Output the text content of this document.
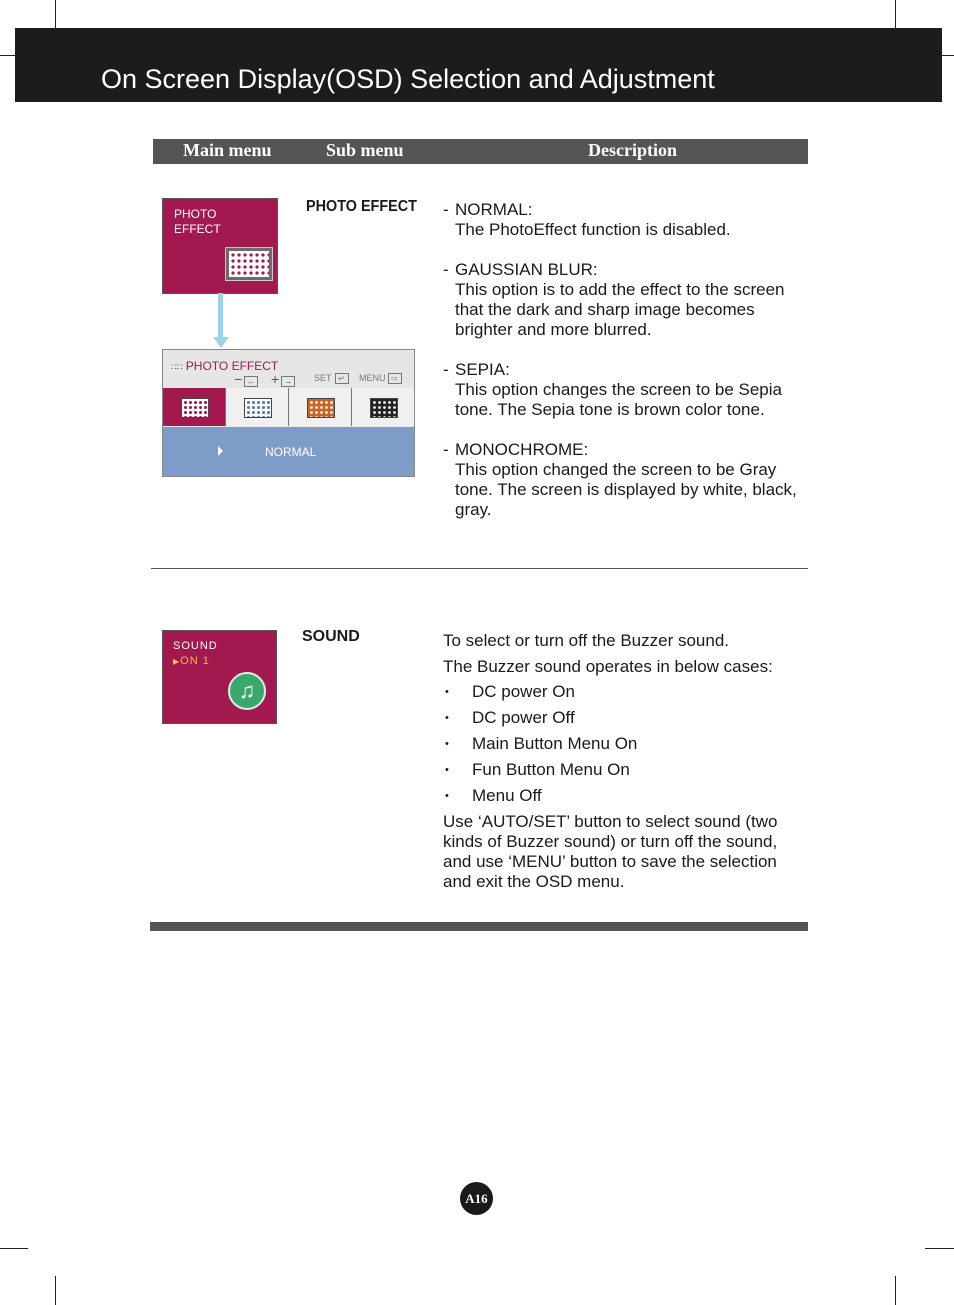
On Screen Display(OSD) Selection and Adjustment
Main menu	Sub menu	Description
PHOTO
EFFECT
∷∷ PHOTO EFFECT
− ← + →	SET ↵	MENU ⇨
NORMAL
PHOTO EFFECT - NORMAL:

The PhotoEffect function is disabled.

- GAUSSIAN BLUR:

This option is to add the effect to the screen that the dark and sharp image becomes brighter and more blurred.

- SEPIA:

This option changes the screen to be Sepia tone. The Sepia tone is brown color tone.

- MONOCHROME:

This option changed the screen to be Gray tone. The screen is displayed by white, black, gray.

SOUND
▶ON 1
♫
SOUND	To select or turn off the Buzzer sound.

The Buzzer sound operates in below cases:

• DC power On
• DC power Off
• Main Button Menu On
• Fun Button Menu On
• Menu Off

Use ‘AUTO/SET’ button to select sound (two kinds of Buzzer sound) or turn off the sound, and use ‘MENU’ button to save the selection and exit the OSD menu.

A16
